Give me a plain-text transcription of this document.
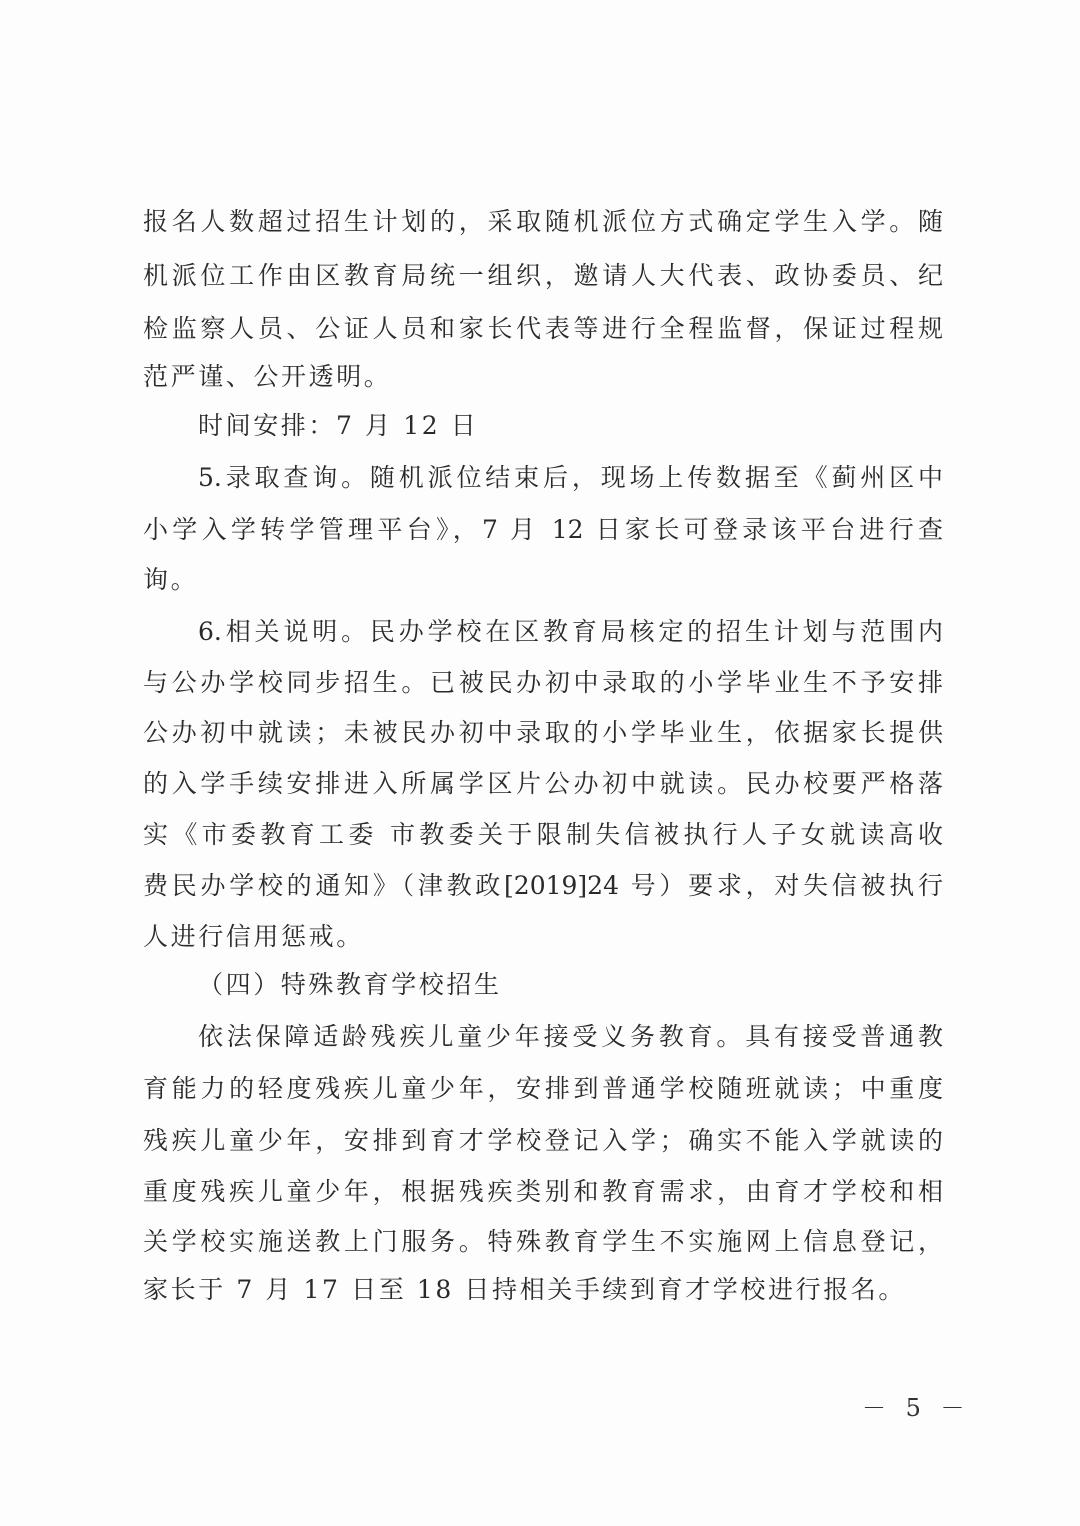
报名人数超过招生计划的，采取随机派位方式确定学生入学。随
机派位工作由区教育局统一组织，邀请人大代表、政协委员、纪
检监察人员、公证人员和家长代表等进行全程监督，保证过程规
范严谨、公开透明。
时间安排：7 月 12 日
5.录取查询。随机派位结束后，现场上传数据至《蓟州区中
小学入学转学管理平台》，7 月 12 日家长可登录该平台进行查
询。
6.相关说明。民办学校在区教育局核定的招生计划与范围内
与公办学校同步招生。已被民办初中录取的小学毕业生不予安排
公办初中就读；未被民办初中录取的小学毕业生，依据家长提供
的入学手续安排进入所属学区片公办初中就读。民办校要严格落
实《市委教育工委 市教委关于限制失信被执行人子女就读高收
费民办学校的通知》（津教政[2019]24 号）要求，对失信被执行
人进行信用惩戒。
（四）特殊教育学校招生
依法保障适龄残疾儿童少年接受义务教育。具有接受普通教
育能力的轻度残疾儿童少年，安排到普通学校随班就读；中重度
残疾儿童少年，安排到育才学校登记入学；确实不能入学就读的
重度残疾儿童少年，根据残疾类别和教育需求，由育才学校和相
关学校实施送教上门服务。特殊教育学生不实施网上信息登记，
家长于 7 月 17 日至 18 日持相关手续到育才学校进行报名。
－ 5 －
